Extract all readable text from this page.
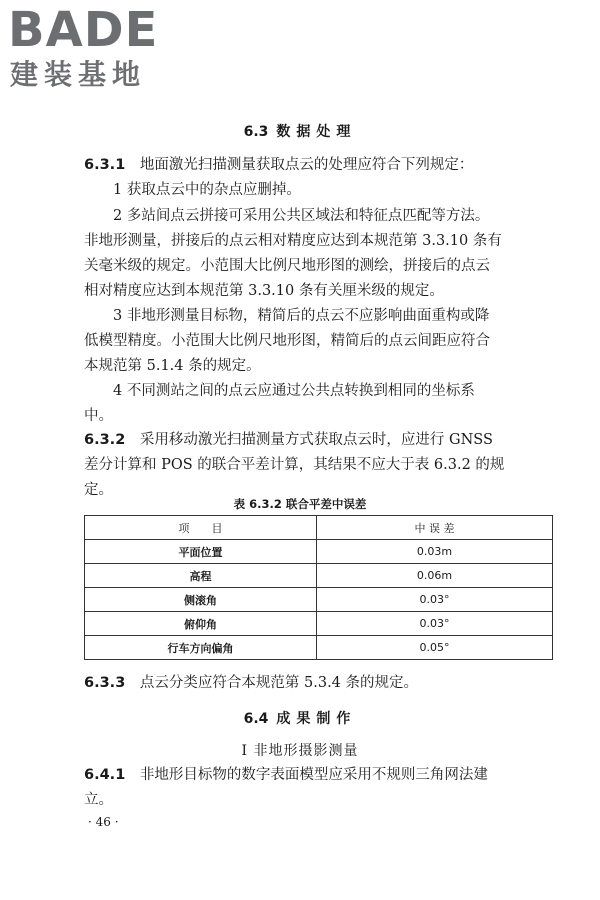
BADE
建装基地
6.3 数据处理
6.3.1 地面激光扫描测量获取点云的处理应符合下列规定：
1 获取点云中的杂点应删掉。
2 多站间点云拼接可采用公共区域法和特征点匹配等方法。
非地形测量，拼接后的点云相对精度应达到本规范第 3.3.10 条有
关毫米级的规定。小范围大比例尺地形图的测绘，拼接后的点云
相对精度应达到本规范第 3.3.10 条有关厘米级的规定。
3 非地形测量目标物，精简后的点云不应影响曲面重构或降
低模型精度。小范围大比例尺地形图，精简后的点云间距应符合
本规范第 5.1.4 条的规定。
4 不同测站之间的点云应通过公共点转换到相同的坐标系
中。
6.3.2 采用移动激光扫描测量方式获取点云时，应进行 GNSS
差分计算和 POS 的联合平差计算，其结果不应大于表 6.3.2 的规
定。
表 6.3.2 联合平差中误差
项　　目	中 误 差
平面位置	0.03m
高程	0.06m
侧滚角	0.03°
俯仰角	0.03°
行车方向偏角	0.05°
6.3.3 点云分类应符合本规范第 5.3.4 条的规定。
6.4 成果制作
Ⅰ 非地形摄影测量
6.4.1 非地形目标物的数字表面模型应采用不规则三角网法建
立。
· 46 ·
